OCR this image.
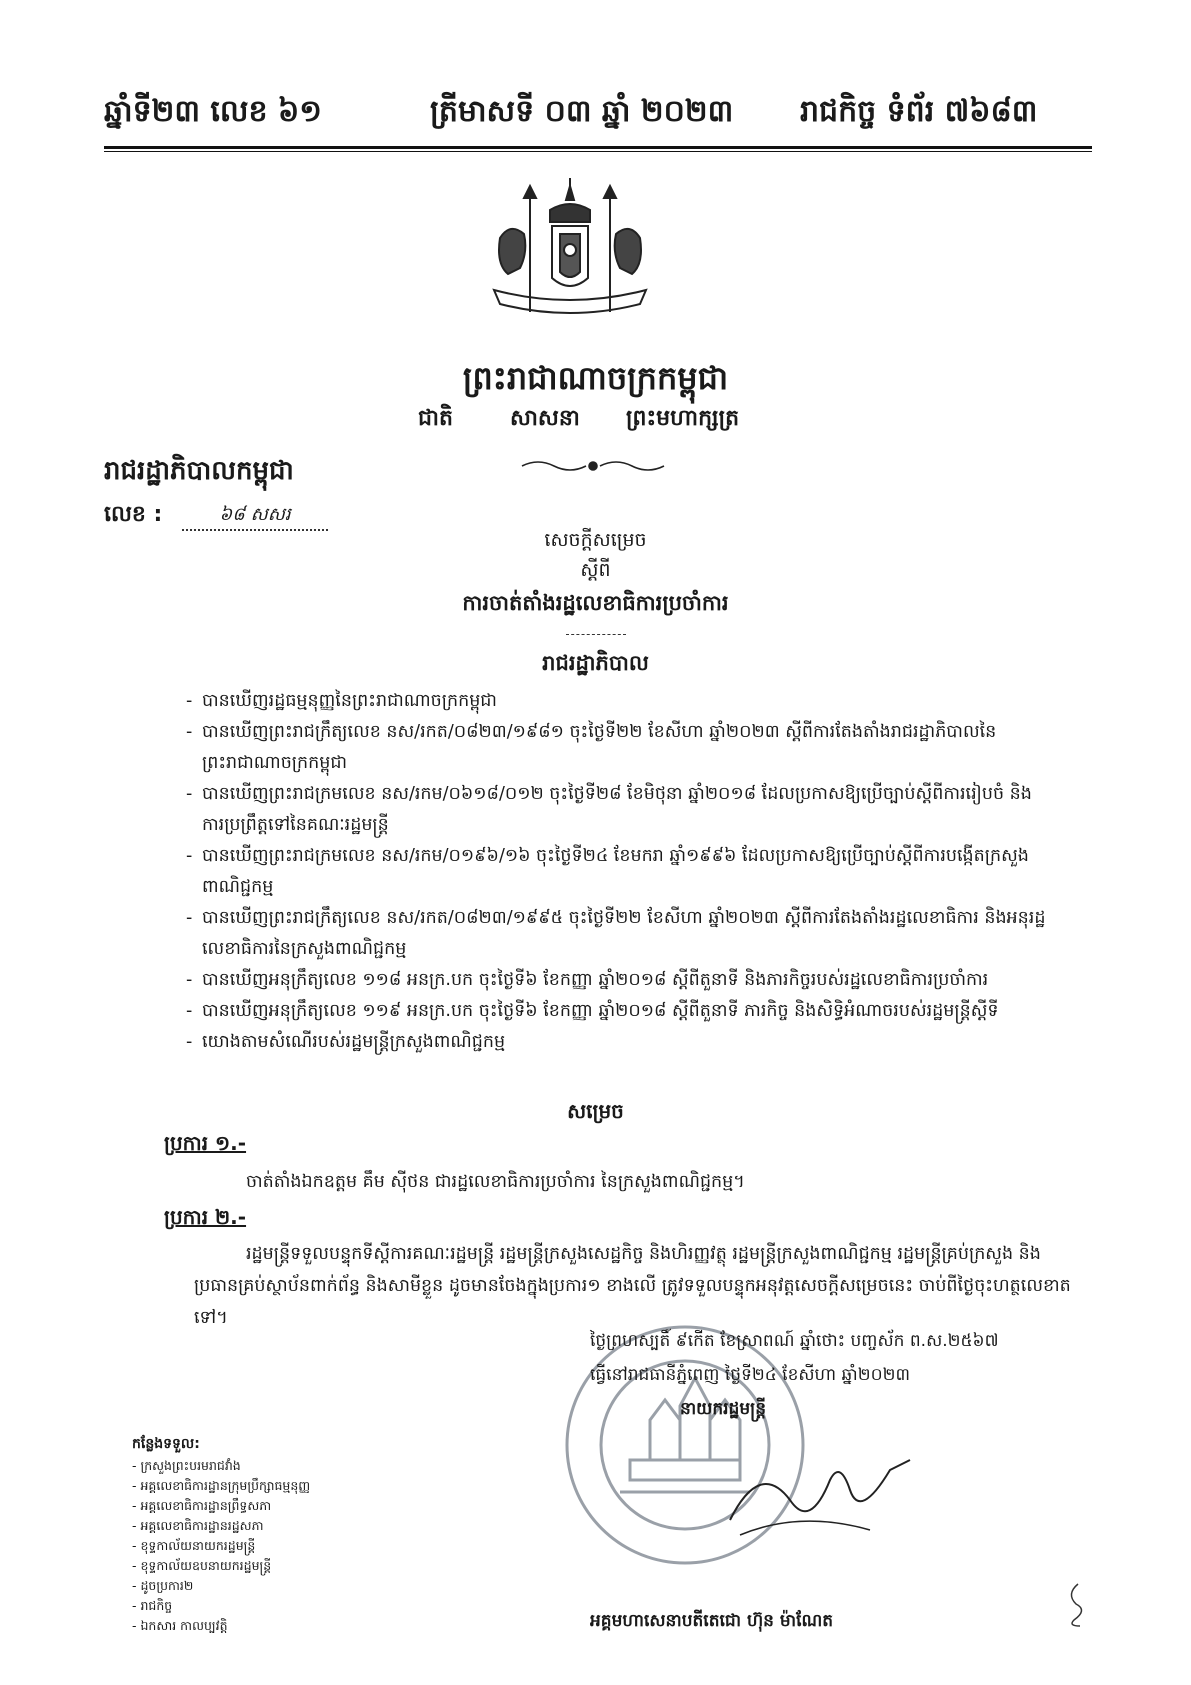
ឆ្នាំទី២៣ លេខ ៦១	ត្រីមាសទី ០៣ ឆ្នាំ ២០២៣ រាជកិច្ច ទំព័រ ៧៦៨៣
ព្រះរាជាណាចក្រកម្ពុជា
ជាតិ	សាសនា ព្រះមហាក្សត្រ
រាជរដ្ឋាភិបាលកម្ពុជា
លេខ :	៦៨ សសរ
សេចក្តីសម្រេច
ស្តីពី
ការចាត់តាំងរដ្ឋលេខាធិការប្រចាំការ
រាជរដ្ឋាភិបាល
- បានឃើញរដ្ឋធម្មនុញ្ញនៃព្រះរាជាណាចក្រកម្ពុជា
- បានឃើញព្រះរាជក្រឹត្យលេខ នស/រកត/០៨២៣/១៩៨១ ចុះថ្ងៃទី២២ ខែសីហា ឆ្នាំ២០២៣ ស្តីពីការតែងតាំងរាជរដ្ឋាភិបាលនៃព្រះរាជាណាចក្រកម្ពុជា
- បានឃើញព្រះរាជក្រមលេខ នស/រកម/០៦១៨/០១២ ចុះថ្ងៃទី២៨ ខែមិថុនា ឆ្នាំ២០១៨ ដែលប្រកាសឱ្យប្រើច្បាប់ស្តីពីការរៀបចំ និងការប្រព្រឹត្តទៅនៃគណៈរដ្ឋមន្ត្រី
- បានឃើញព្រះរាជក្រមលេខ នស/រកម/០១៩៦/១៦ ចុះថ្ងៃទី២៤ ខែមករា ឆ្នាំ១៩៩៦ ដែលប្រកាសឱ្យប្រើច្បាប់ស្តីពីការបង្កើតក្រសួងពាណិជ្ជកម្ម
- បានឃើញព្រះរាជក្រឹត្យលេខ នស/រកត/០៨២៣/១៩៩៥ ចុះថ្ងៃទី២២ ខែសីហា ឆ្នាំ២០២៣ ស្តីពីការតែងតាំងរដ្ឋលេខាធិការ និងអនុរដ្ឋលេខាធិការនៃក្រសួងពាណិជ្ជកម្ម
- បានឃើញអនុក្រឹត្យលេខ ១១៨ អនក្រ.បក ចុះថ្ងៃទី៦ ខែកញ្ញា ឆ្នាំ២០១៨ ស្តីពីតួនាទី និងភារកិច្ចរបស់រដ្ឋលេខាធិការប្រចាំការ
- បានឃើញអនុក្រឹត្យលេខ ១១៩ អនក្រ.បក ចុះថ្ងៃទី៦ ខែកញ្ញា ឆ្នាំ២០១៨ ស្តីពីតួនាទី ភារកិច្ច និងសិទ្ធិអំណាចរបស់រដ្ឋមន្ត្រីស្តីទី
- យោងតាមសំណើរបស់រដ្ឋមន្ត្រីក្រសួងពាណិជ្ជកម្ម
សម្រេច
ប្រការ ១.-
ចាត់តាំងឯកឧត្តម គឹម ស៊ីថន ជារដ្ឋលេខាធិការប្រចាំការ នៃក្រសួងពាណិជ្ជកម្ម។
ប្រការ ២.-
រដ្ឋមន្ត្រីទទួលបន្ទុកទីស្តីការគណៈរដ្ឋមន្ត្រី រដ្ឋមន្ត្រីក្រសួងសេដ្ឋកិច្ច និងហិរញ្ញវត្ថុ រដ្ឋមន្ត្រីក្រសួងពាណិជ្ជកម្ម រដ្ឋមន្ត្រីគ្រប់ក្រសួង និងប្រធានគ្រប់ស្ថាប័នពាក់ព័ន្ធ និងសាមីខ្លួន ដូចមានចែងក្នុងប្រការ១ ខាងលើ ត្រូវទទួលបន្ទុកអនុវត្តសេចក្តីសម្រេចនេះ ចាប់ពីថ្ងៃចុះហត្ថលេខាតទៅ។
ថ្ងៃព្រហស្បតិ៍ ៩កើត ខែស្រាពណ៍ ឆ្នាំថោះ បញ្ចស័ក ព.ស.២៥៦៧
ធ្វើនៅរាជធានីភ្នំពេញ ថ្ងៃទី២៤ ខែសីហា ឆ្នាំ២០២៣
នាយករដ្ឋមន្ត្រី
អគ្គមហាសេនាបតីតេជោ ហ៊ុន ម៉ាណែត
កន្លែងទទួល:
- ក្រសួងព្រះបរមរាជវាំង
- អគ្គលេខាធិការដ្ឋានក្រុមប្រឹក្សាធម្មនុញ្ញ
- អគ្គលេខាធិការដ្ឋានព្រឹទ្ធសភា
- អគ្គលេខាធិការដ្ឋានរដ្ឋសភា
- ខុទ្ទកាល័យនាយករដ្ឋមន្ត្រី
- ខុទ្ទកាល័យឧបនាយករដ្ឋមន្ត្រី
- ដូចប្រការ២
- រាជកិច្ច
- ឯកសារ កាលប្បវត្តិ
